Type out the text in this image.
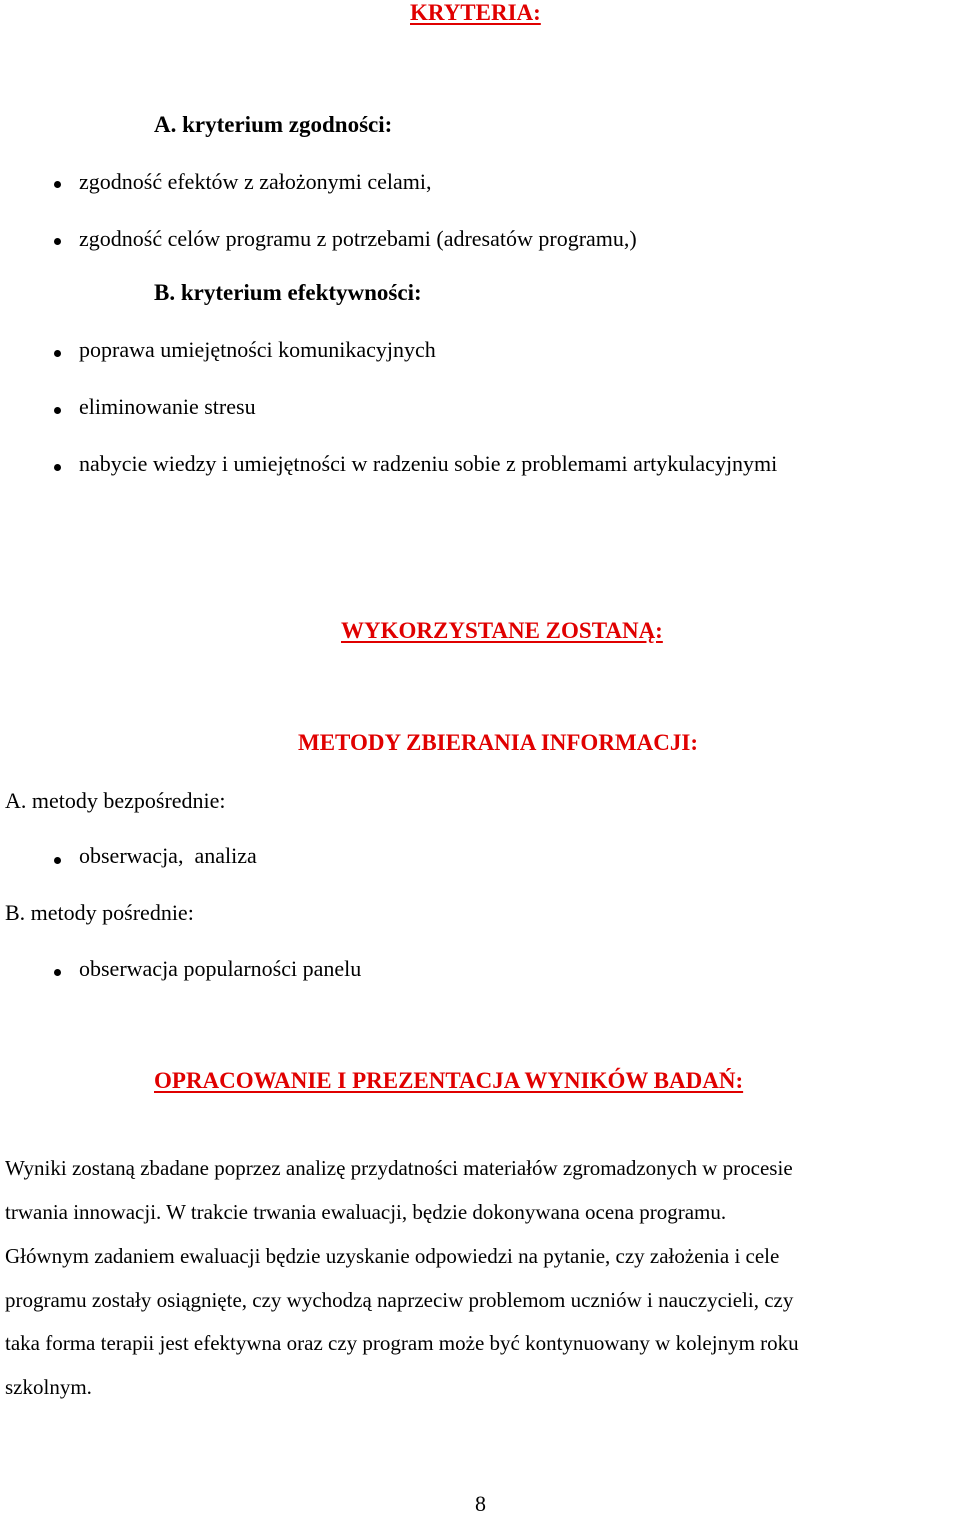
KRYTERIA:
A. kryterium zgodności:
zgodność efektów z założonymi celami,
zgodność celów programu z potrzebami (adresatów programu,)
B. kryterium efektywności:
poprawa umiejętności komunikacyjnych
eliminowanie stresu
nabycie wiedzy i umiejętności w radzeniu sobie z problemami artykulacyjnymi
WYKORZYSTANE ZOSTANĄ:
METODY ZBIERANIA INFORMACJI:
A. metody bezpośrednie:
obserwacja,  analiza
B. metody pośrednie:
obserwacja popularności panelu
OPRACOWANIE I PREZENTACJA WYNIKÓW BADAŃ:
Wyniki zostaną zbadane poprzez analizę przydatności materiałów zgromadzonych w procesie
trwania innowacji. W trakcie trwania ewaluacji, będzie dokonywana ocena programu.
Głównym zadaniem ewaluacji będzie uzyskanie odpowiedzi na pytanie, czy założenia i cele
programu zostały osiągnięte, czy wychodzą naprzeciw problemom uczniów i nauczycieli, czy
taka forma terapii jest efektywna oraz czy program może być kontynuowany w kolejnym roku
szkolnym.
8
